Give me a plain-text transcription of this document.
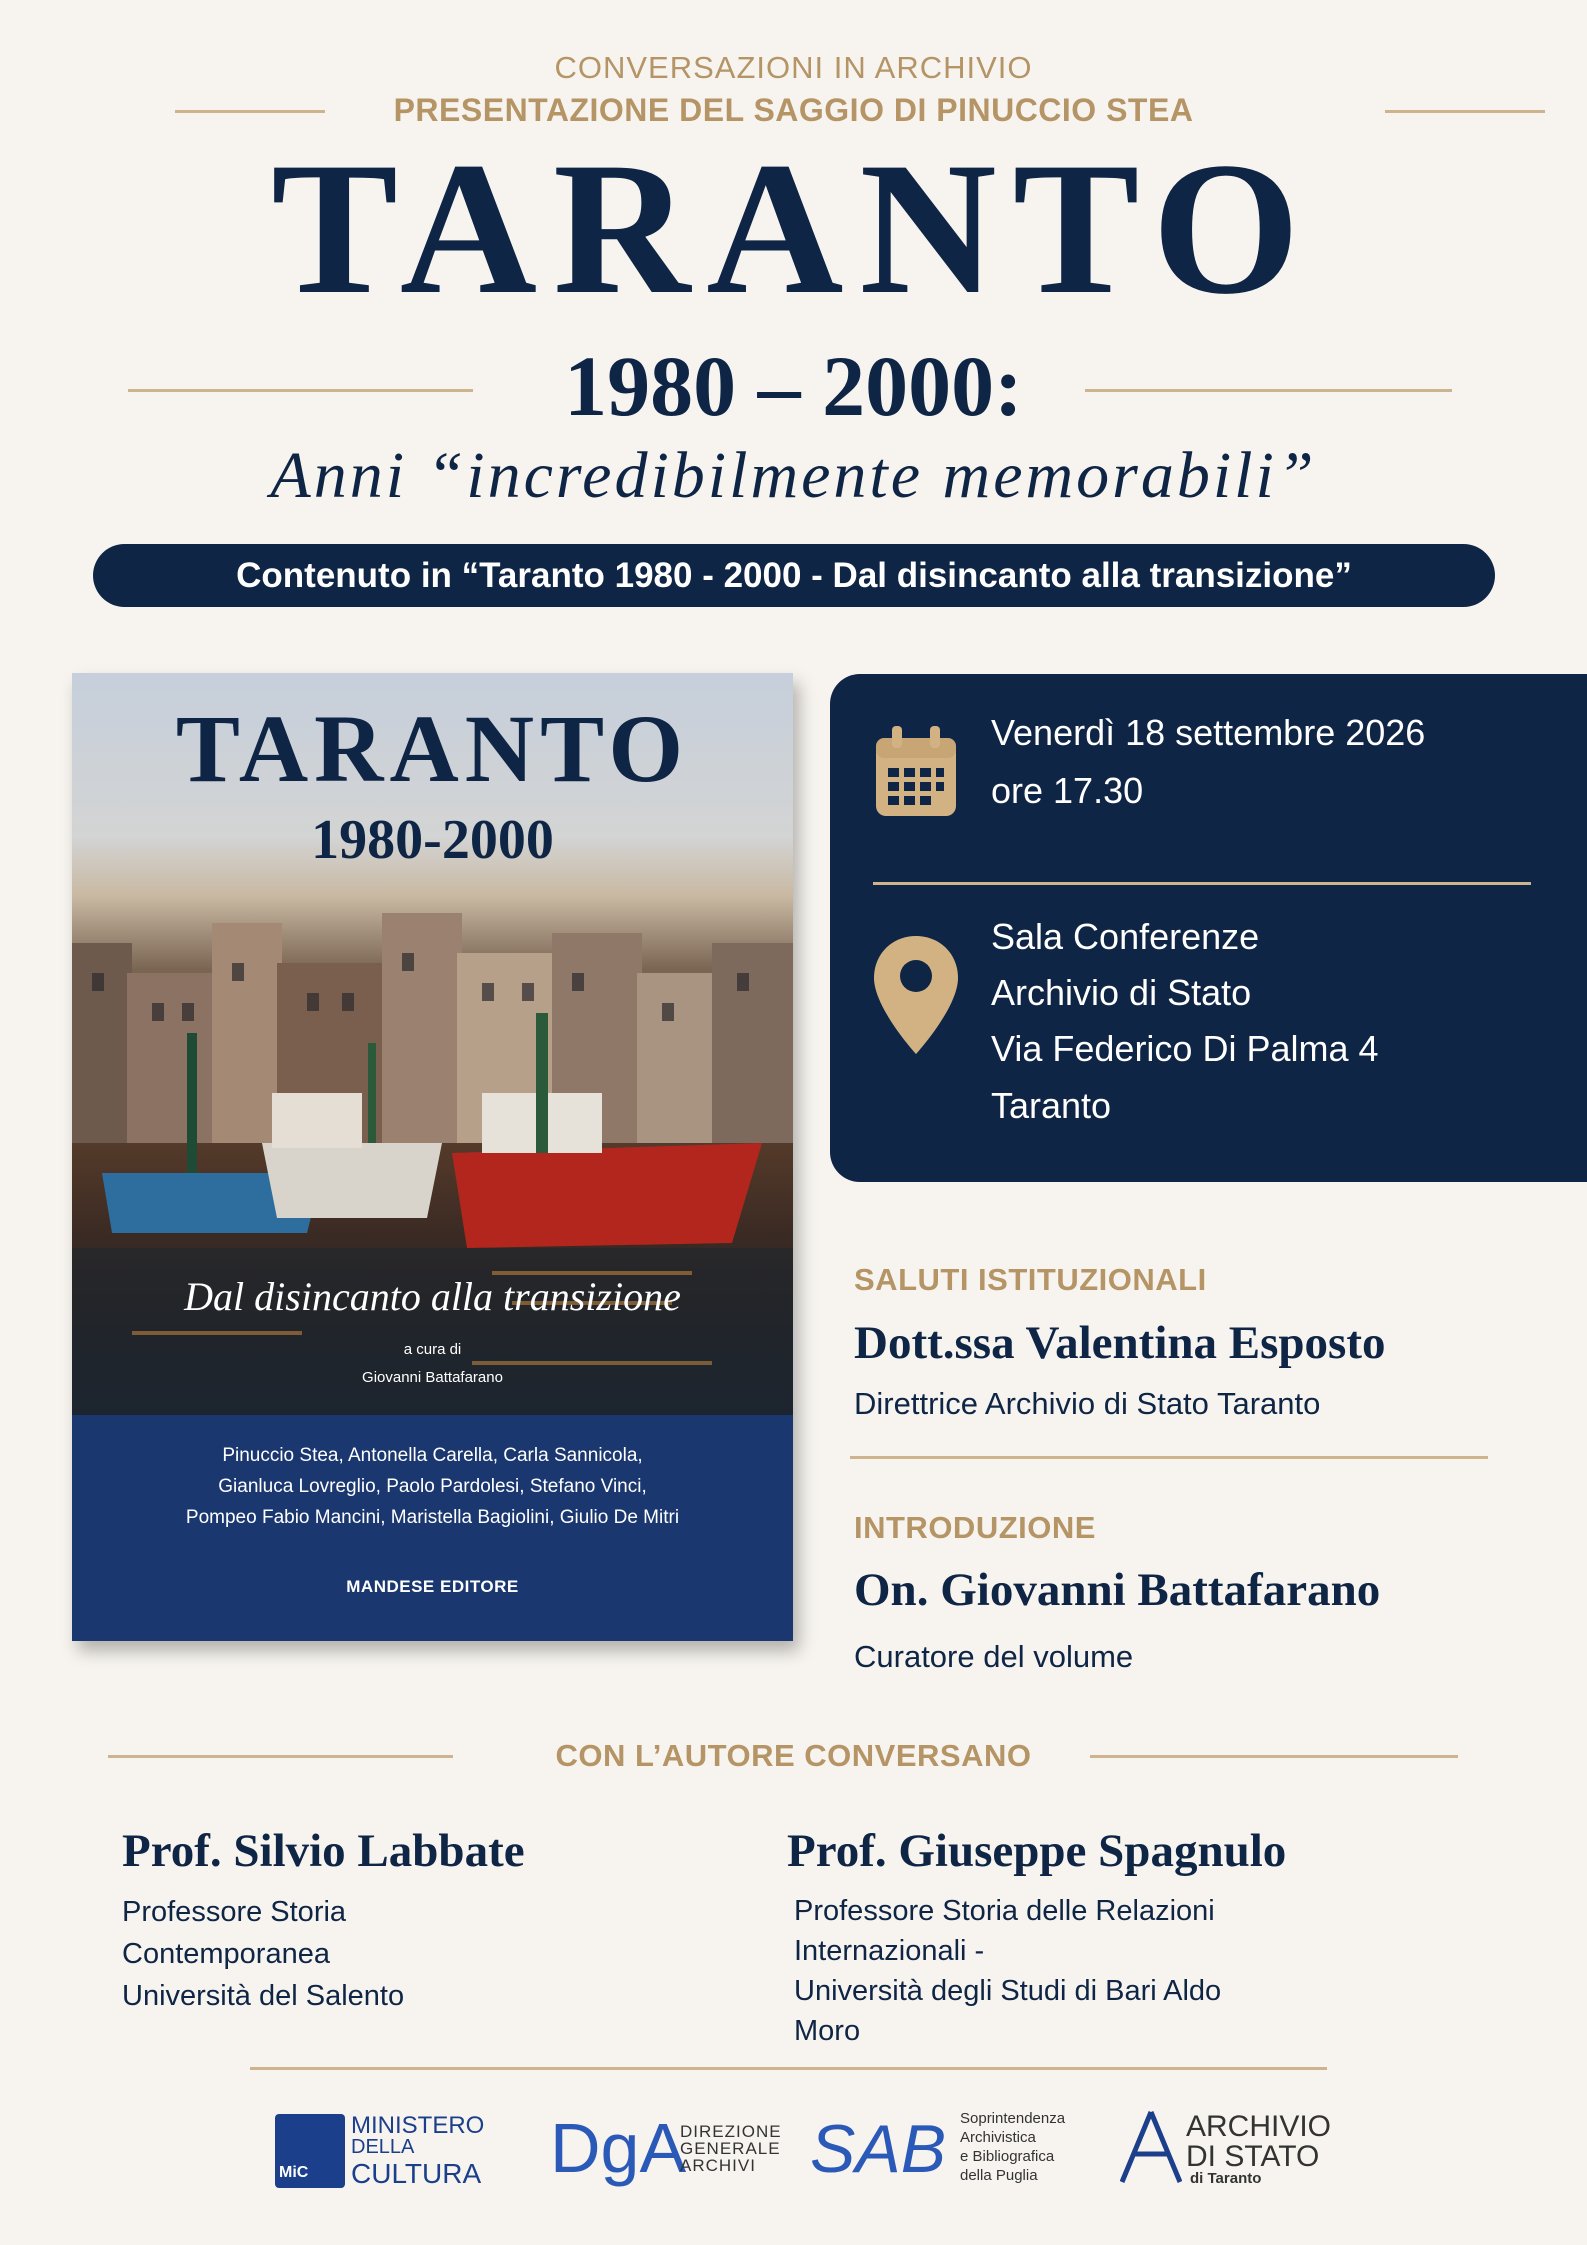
CONVERSAZIONI IN ARCHIVIO
PRESENTAZIONE DEL SAGGIO DI PINUCCIO STEA
TARANTO
1980 – 2000:
Anni “incredibilmente memorabili”
Contenuto in “Taranto 1980 - 2000 - Dal disincanto alla transizione”
TARANTO
1980-2000
Dal disincanto alla transizione
a cura di
Giovanni Battafarano
Pinuccio Stea, Antonella Carella, Carla Sannicola,
Gianluca Lovreglio, Paolo Pardolesi, Stefano Vinci,
Pompeo Fabio Mancini, Maristella Bagiolini, Giulio De Mitri
MANDESE EDITORE
Venerdì 18 settembre 2026
ore 17.30
Sala Conferenze
Archivio di Stato
Via Federico Di Palma 4
Taranto
SALUTI ISTITUZIONALI
Dott.ssa Valentina Esposto
Direttrice Archivio di Stato Taranto
INTRODUZIONE
On. Giovanni Battafarano
Curatore del volume
CON L’AUTORE CONVERSANO
Prof. Silvio Labbate
Professore Storia
Contemporanea
Università del Salento
Prof. Giuseppe Spagnulo
Professore Storia delle Relazioni
Internazionali -
Università degli Studi di Bari Aldo
Moro
MiC
MINISTERO
DELLA
CULTURA DgA
DIREZIONE
GENERALE
ARCHIVI SAB Soprintendenza
Archivistica
e Bibliografica
della Puglia
ARCHIVIO
DI STATO
di Taranto
